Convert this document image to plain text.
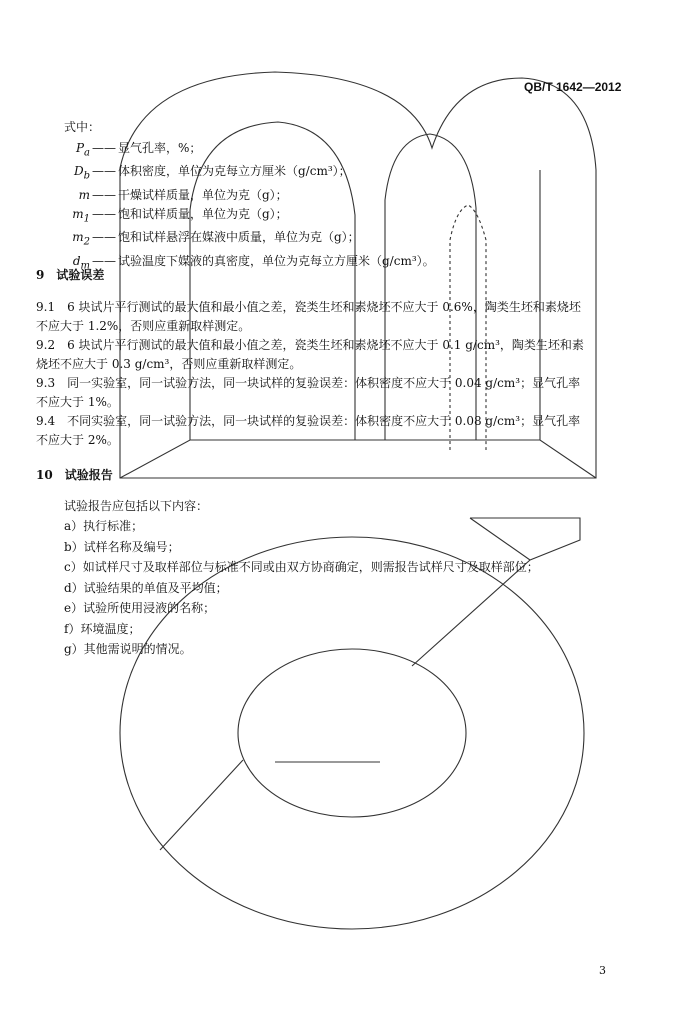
QB/T 1642—2012
式中：
$P_a$ —— 显气孔率，%；
$D_b$ —— 体积密度，单位为克每立方厘米（g/cm³）；
m —— 干燥试样质量，单位为克（g）；
$m_1$ —— 饱和试样质量，单位为克（g）；
$m_2$ —— 饱和试样悬浮在媒液中质量，单位为克（g）；
$d_m$ —— 试验温度下媒液的真密度，单位为克每立方厘米（g/cm³）。
9　试验误差
9.1　6 块试片平行测试的最大值和最小值之差，瓷类生坯和素烧坯不应大于 0.6%，陶类生坯和素烧坯
不应大于 1.2%，否则应重新取样测定。
9.2　6 块试片平行测试的最大值和最小值之差，瓷类生坯和素烧坯不应大于 0.1 g/cm³，陶类生坯和素
烧坯不应大于 0.3 g/cm³，否则应重新取样测定。
9.3　同一实验室，同一试验方法，同一块试样的复验误差：体积密度不应大于 0.04 g/cm³；显气孔率
不应大于 1%。
9.4　不同实验室，同一试验方法，同一块试样的复验误差：体积密度不应大于 0.08 g/cm³；显气孔率
不应大于 2%。
10　试验报告
试验报告应包括以下内容：
a）执行标准；
b）试样名称及编号；
c）如试样尺寸及取样部位与标准不同或由双方协商确定，则需报告试样尺寸及取样部位；
d）试验结果的单值及平均值；
e）试验所使用浸液的名称；
f）环境温度；
g）其他需说明的情况。
3
